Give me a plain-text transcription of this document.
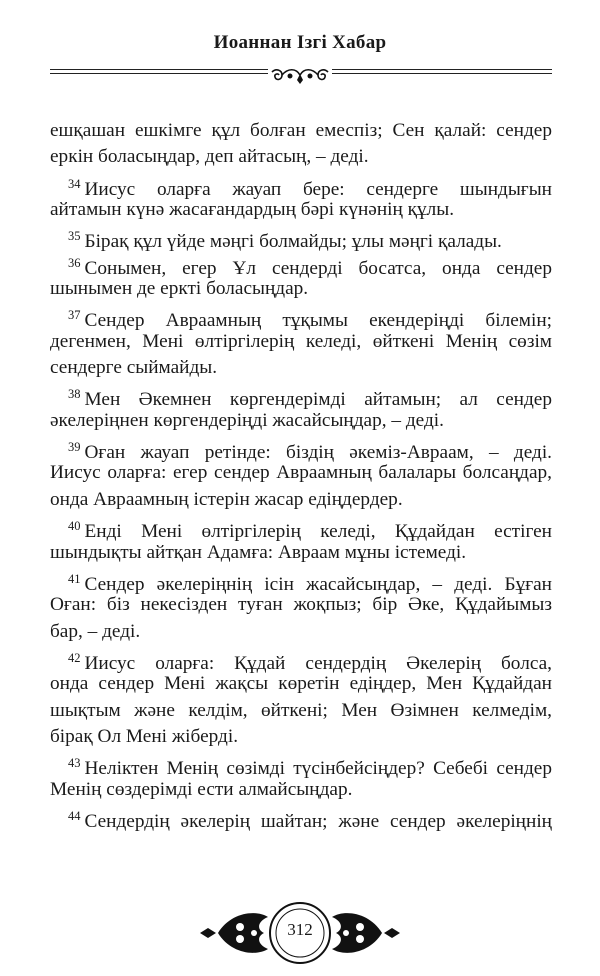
Иоаннан Ізгі Хабар
ешқашан ешкімге құл болған емеспіз; Сен қалай: сендер
еркін боласыңдар, деп айтасың, – деді.
$^{34}$ Иисус оларға жауап бере: сендерге шындығын
айтамын күнә жасағандардың бәрі күнәнің құлы.
$^{35}$ Бірақ құл үйде мәңгі болмайды; ұлы мәңгі қалады.
$^{36}$ Сонымен, егер Ұл сендерді босатса, онда сендер
шынымен де еркті боласыңдар.
$^{37}$ Сендер Авраамның тұқымы екендеріңді білемін;
дегенмен, Мені өлтіргілерің келеді, өйткені Менің сөзім
сендерге сыймайды.
$^{38}$ Мен Әкемнен көргендерімді айтамын; ал сендер
әкелеріңнен көргендеріңді жасайсыңдар, – деді.
$^{39}$ Оған жауап ретінде: біздің әкеміз-Авраам, – деді.
Иисус оларға: егер сендер Авраамның балалары болсаңдар,
онда Авраамның істерін жасар едіңдердер.
$^{40}$ Енді Мені өлтіргілерің келеді, Құдайдан естіген
шындықты айтқан Адамға: Авраам мұны істемеді.
$^{41}$ Сендер әкелеріңнің ісін жасайсыңдар, – деді. Бұған
Оған: біз некесізден туған жоқпыз; бір Әке, Құдайымыз
бар, – деді.
$^{42}$ Иисус оларға: Құдай сендердің Әкелерің болса,
онда сендер Мені жақсы көретін едіңдер, Мен Құдайдан
шықтым және келдім, өйткені; Мен Өзімнен келмедім,
бірақ Ол Мені жіберді.
$^{43}$ Неліктен Менің сөзімді түсінбейсіңдер? Себебі сендер
Менің сөздерімді ести алмайсыңдар.
$^{44}$ Сендердің әкелерің шайтан; және сендер әкелеріңнің
312
